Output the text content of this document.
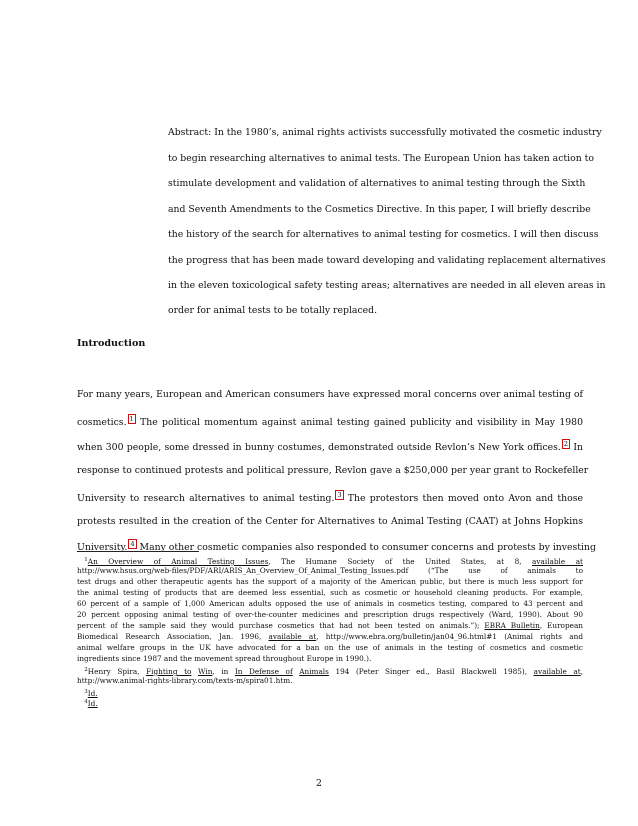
Abstract: In the 1980’s, animal rights activists successfully motivated the cosmetic industry
to begin researching alternatives to animal tests. The European Union has taken action to
stimulate development and validation of alternatives to animal testing through the Sixth
and Seventh Amendments to the Cosmetics Directive. In this paper, I will briefly describe
the history of the search for alternatives to animal testing for cosmetics. I will then discuss
the progress that has been made toward developing and validating replacement alternatives
in the eleven toxicological safety testing areas; alternatives are needed in all eleven areas in
order for animal tests to be totally replaced.
Introduction
For many years, European and American consumers have expressed moral concerns over animal testing of
cosmetics. 1 The political momentum against animal testing gained publicity and visibility in May 1980
when 300 people, some dressed in bunny costumes, demonstrated outside Revlon’s New York offices. 2 In
response to continued protests and political pressure, Revlon gave a $250,000 per year grant to Rockefeller
University to research alternatives to animal testing. 3 The protestors then moved onto Avon and those
protests resulted in the creation of the Center for Alternatives to Animal Testing (CAAT) at Johns Hopkins
University. 4 Many other cosmetic companies also responded to consumer concerns and protests by investing
 $^1$An Overview of Animal Testing Issues, The Humane Society of the United States, at 8, available at
http://www.hsus.org/web-files/PDF/ARI/ARIS_An_Overview_Of_Animal_Testing_Issues.pdf (“The use of animals to
test drugs and other therapeutic agents has the support of a majority of the American public, but there is much less support for
the animal testing of products that are deemed less essential, such as cosmetic or household cleaning products. For example,
60 percent of a sample of 1,000 American adults opposed the use of animals in cosmetics testing, compared to 43 percent and
20 percent opposing animal testing of over-the-counter medicines and prescription drugs respectively (Ward, 1990). About 90
percent of the sample said they would purchase cosmetics that had not been tested on animals.”); EBRA Bulletin, European
Biomedical Research Association, Jan. 1996, available at, http://www.ebra.org/bulletin/jan04_96.html#1 (Animal rights and
animal welfare groups in the UK have advocated for a ban on the use of animals in the testing of cosmetics and cosmetic
ingredients since 1987 and the movement spread throughout Europe in 1990.).
 $^2$Henry Spira, Fighting to Win, in In Defense of Animals 194 (Peter Singer ed., Basil Blackwell 1985), available at,
http://www.animal-rights-library.com/texts-m/spira01.htm.
 $^3$Id.
 $^4$Id.
2
